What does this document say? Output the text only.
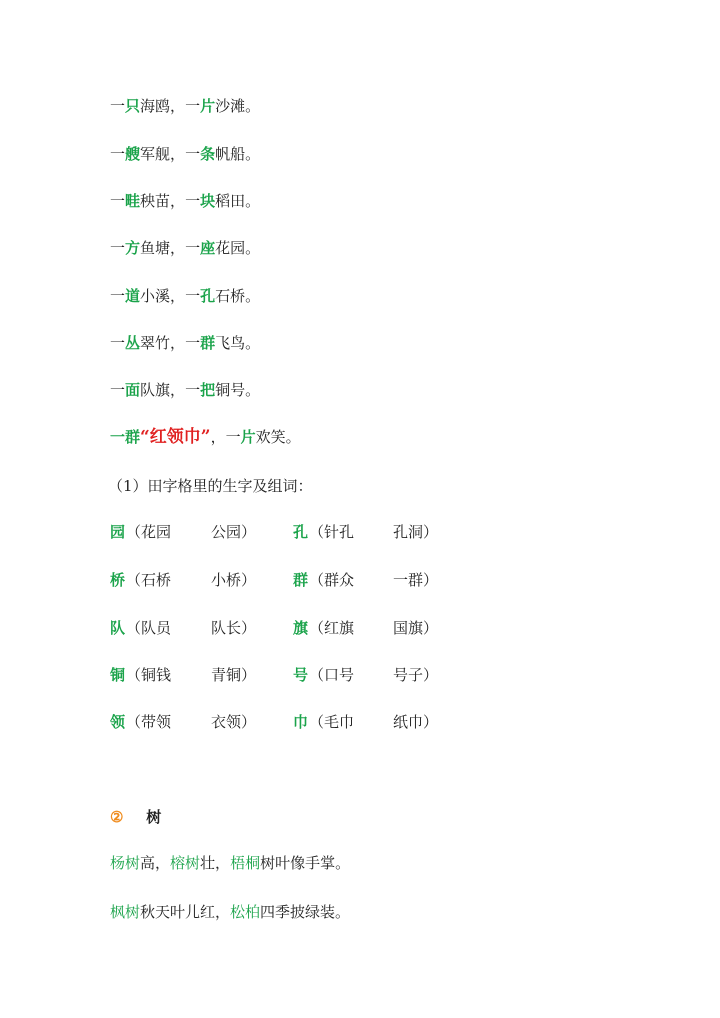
一只海鸥，一片沙滩。
一艘军舰，一条帆船。
一畦秧苗，一块稻田。
一方鱼塘，一座花园。
一道小溪，一孔石桥。
一丛翠竹，一群飞鸟。
一面队旗，一把铜号。
一群“红领巾”，一片欢笑。
（1）田字格里的生字及组词：
园 （花园	公园） 孔 （针孔	孔洞）
桥 （石桥	小桥） 群 （群众	一群）
队 （队员	队长） 旗 （红旗	国旗）
铜 （铜钱	青铜） 号 （口号	号子）
领 （带领	衣领） 巾 （毛巾	纸巾）
② 树
杨树高，榕树壮，梧桐树叶像手掌。
枫树秋天叶儿红，松柏四季披绿装。
